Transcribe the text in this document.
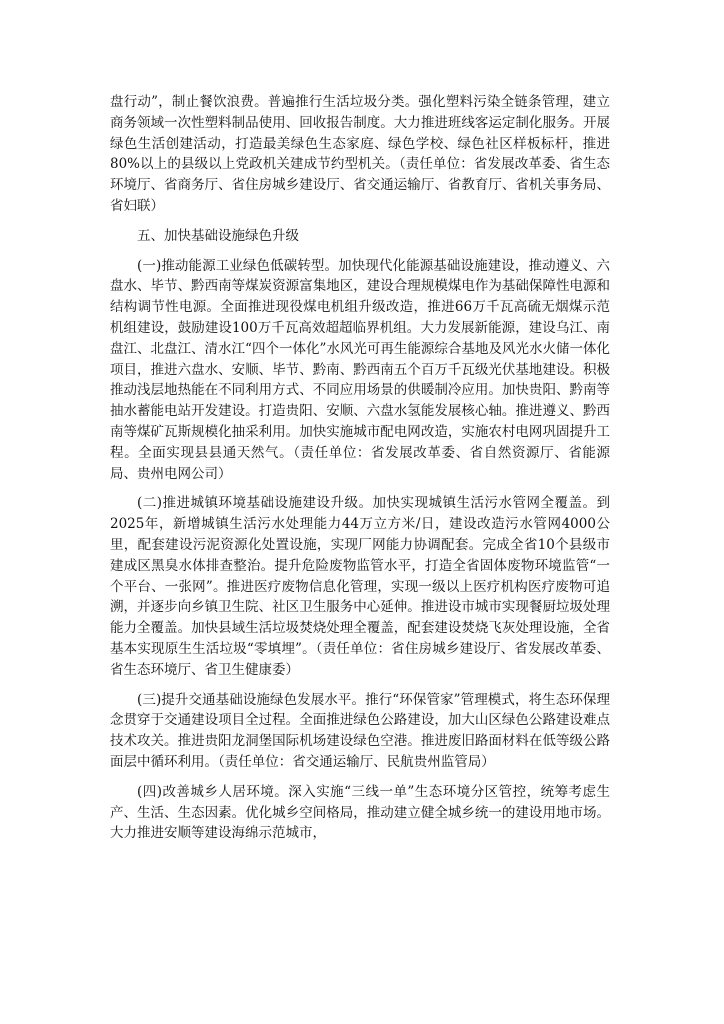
盘行动”，制止餐饮浪费。普遍推行生活垃圾分类。强化塑料污染全链条管理，建立商务领域一次性塑料制品使用、回收报告制度。大力推进班线客运定制化服务。开展绿色生活创建活动，打造最美绿色生态家庭、绿色学校、绿色社区样板标杆，推进80%以上的县级以上党政机关建成节约型机关。（责任单位：省发展改革委、省生态环境厅、省商务厅、省住房城乡建设厅、省交通运输厅、省教育厅、省机关事务局、省妇联）

五、加快基础设施绿色升级

(一)推动能源工业绿色低碳转型。加快现代化能源基础设施建设，推动遵义、六盘水、毕节、黔西南等煤炭资源富集地区，建设合理规模煤电作为基础保障性电源和结构调节性电源。全面推进现役煤电机组升级改造，推进66万千瓦高硫无烟煤示范机组建设，鼓励建设100万千瓦高效超超临界机组。大力发展新能源，建设乌江、南盘江、北盘江、清水江“四个一体化”水风光可再生能源综合基地及风光水火储一体化项目，推进六盘水、安顺、毕节、黔南、黔西南五个百万千瓦级光伏基地建设。积极推动浅层地热能在不同利用方式、不同应用场景的供暖制冷应用。加快贵阳、黔南等抽水蓄能电站开发建设。打造贵阳、安顺、六盘水氢能发展核心轴。推进遵义、黔西南等煤矿瓦斯规模化抽采利用。加快实施城市配电网改造，实施农村电网巩固提升工程。全面实现县县通天然气。（责任单位：省发展改革委、省自然资源厅、省能源局、贵州电网公司）

(二)推进城镇环境基础设施建设升级。加快实现城镇生活污水管网全覆盖。到2025年，新增城镇生活污水处理能力44万立方米/日，建设改造污水管网4000公里，配套建设污泥资源化处置设施，实现厂网能力协调配套。完成全省10个县级市建成区黑臭水体排查整治。提升危险废物监管水平，打造全省固体废物环境监管“一个平台、一张网”。推进医疗废物信息化管理，实现一级以上医疗机构医疗废物可追溯，并逐步向乡镇卫生院、社区卫生服务中心延伸。推进设市城市实现餐厨垃圾处理能力全覆盖。加快县域生活垃圾焚烧处理全覆盖，配套建设焚烧飞灰处理设施，全省基本实现原生生活垃圾“零填埋”。（责任单位：省住房城乡建设厅、省发展改革委、省生态环境厅、省卫生健康委）

(三)提升交通基础设施绿色发展水平。推行“环保管家”管理模式，将生态环保理念贯穿于交通建设项目全过程。全面推进绿色公路建设，加大山区绿色公路建设难点技术攻关。推进贵阳龙洞堡国际机场建设绿色空港。推进废旧路面材料在低等级公路面层中循环利用。（责任单位：省交通运输厅、民航贵州监管局）

(四)改善城乡人居环境。深入实施“三线一单”生态环境分区管控，统筹考虑生产、生活、生态因素。优化城乡空间格局，推动建立健全城乡统一的建设用地市场。大力推进安顺等建设海绵示范城市，
